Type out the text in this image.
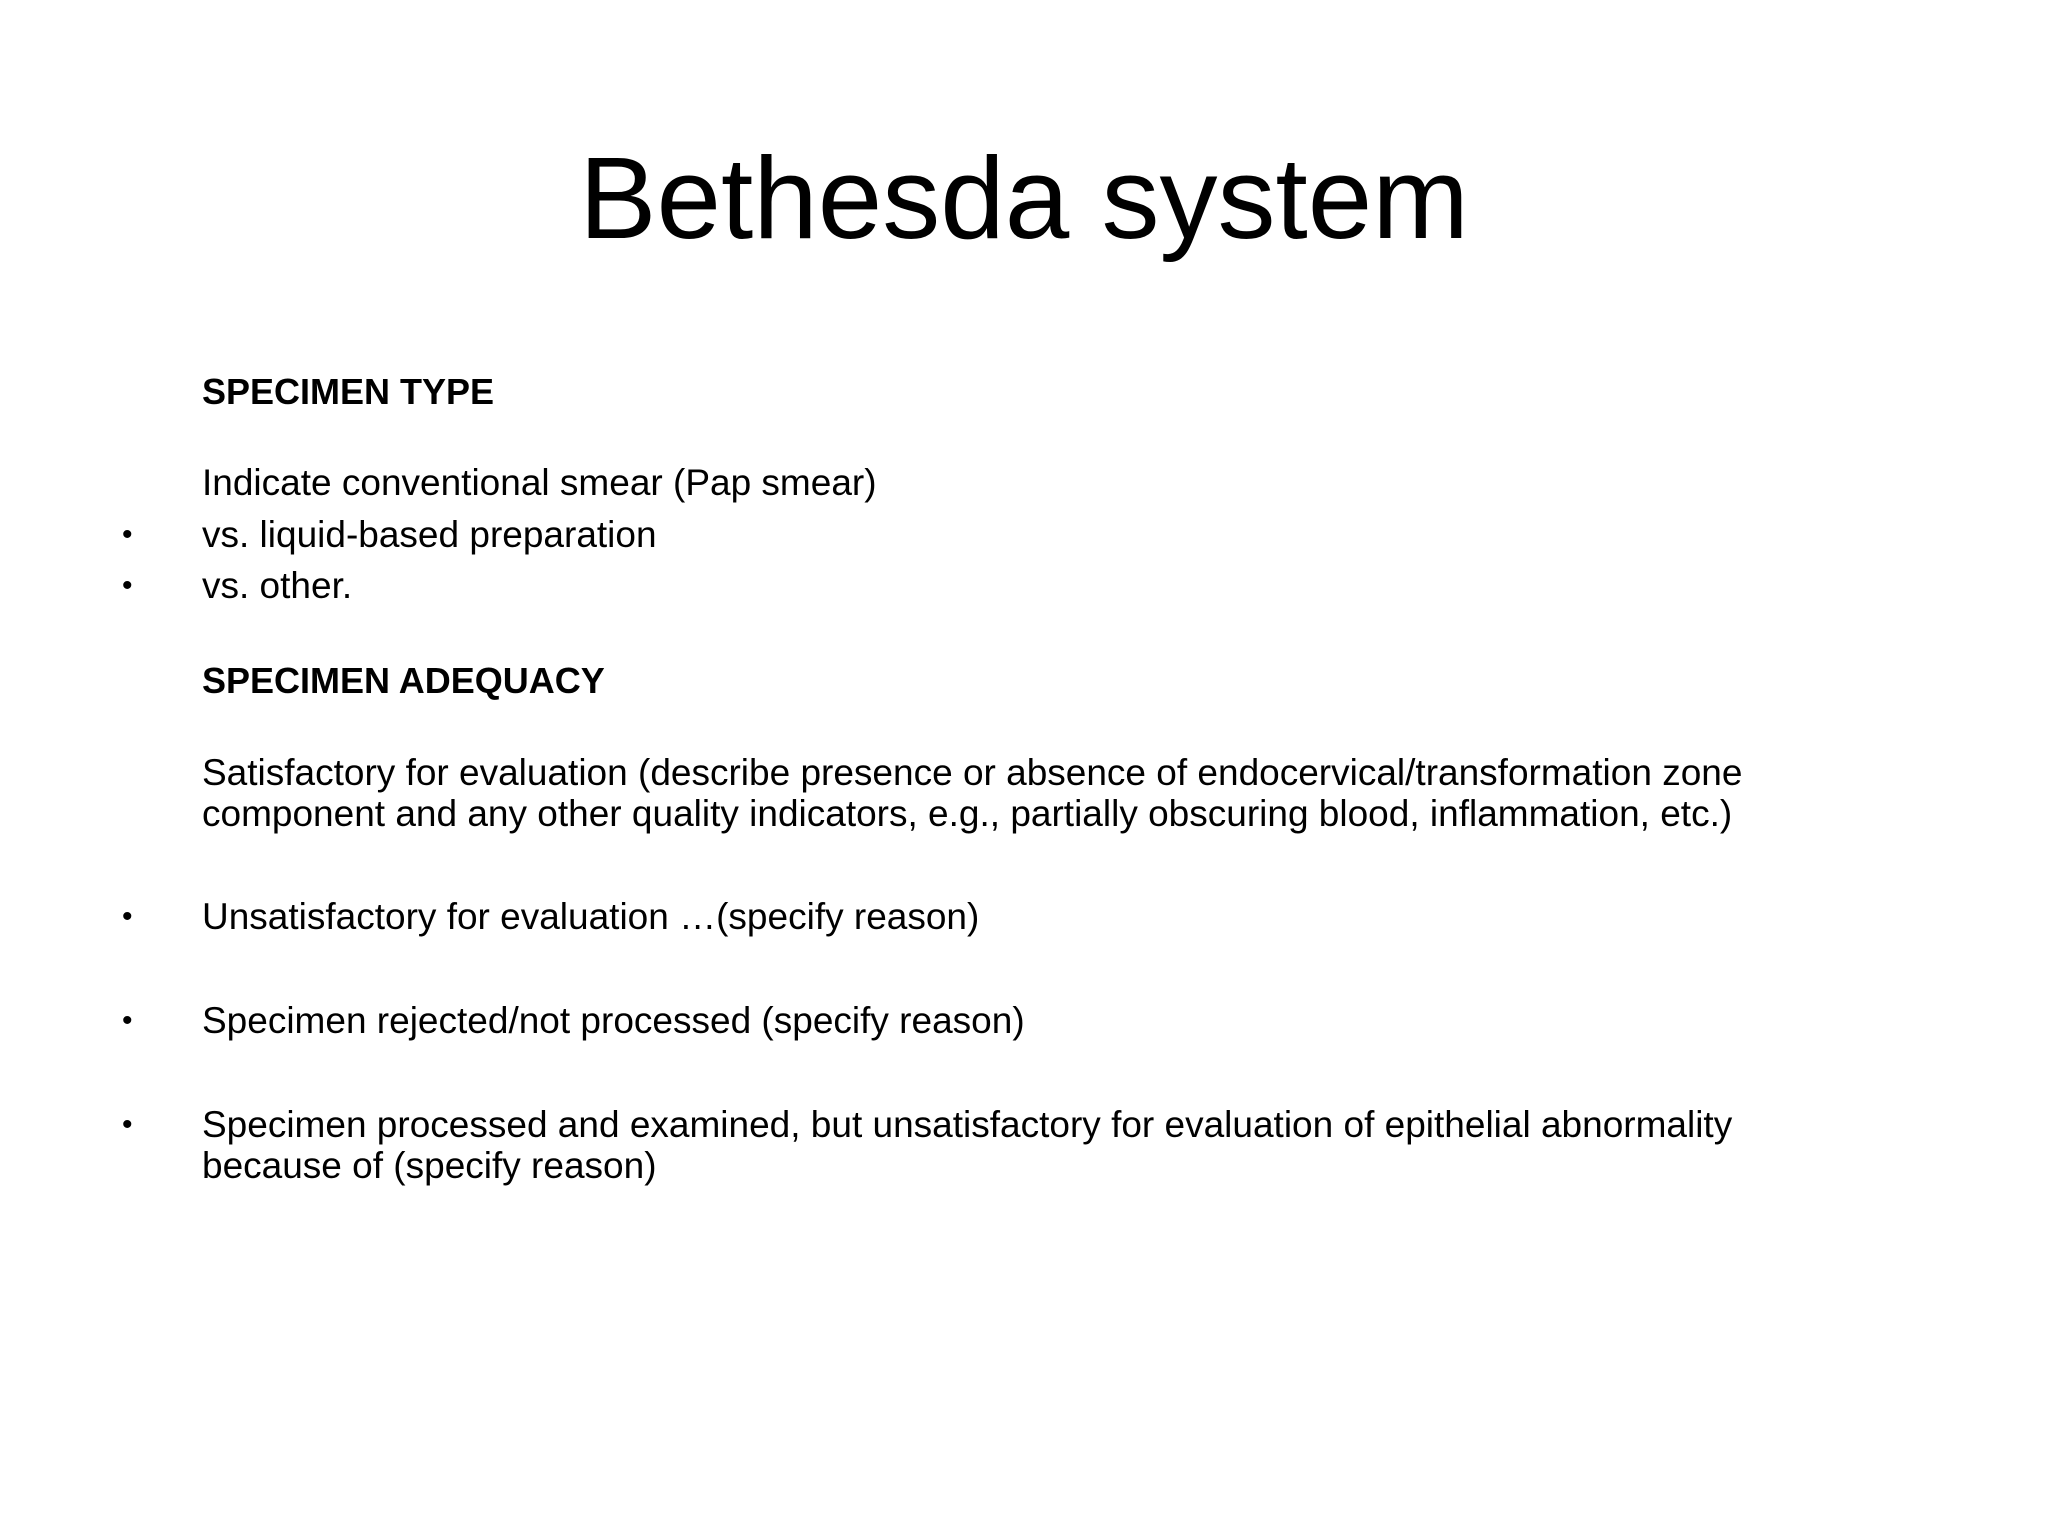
Bethesda system
SPECIMEN TYPE
Indicate conventional smear (Pap smear)
•	vs. liquid-based preparation
•	vs. other.
SPECIMEN ADEQUACY
Satisfactory for evaluation (describe presence or absence of endocervical/transformation zone
component and any other quality indicators, e.g., partially obscuring blood, inflammation, etc.)
•	Unsatisfactory for evaluation …(specify reason)
•	Specimen rejected/not processed (specify reason)
•	Specimen processed and examined, but unsatisfactory for evaluation of epithelial abnormality
because of (specify reason)
